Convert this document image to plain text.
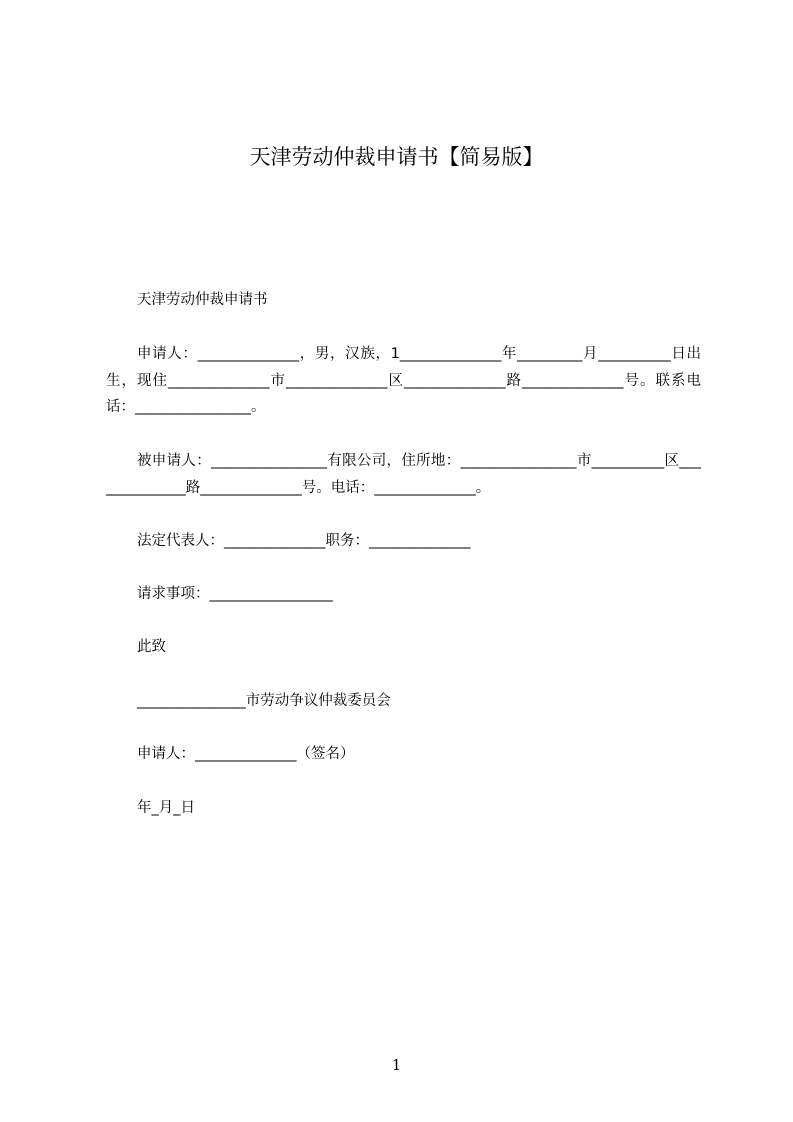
天津劳动仲裁申请书【简易版】
天津劳动仲裁申请书
申请人：______________，男，汉族，1______________年_________月__________日出生，现住______________市______________区______________路______________号。联系电话：________________。
被申请人：________________有限公司，住所地：________________市__________区______________路______________号。电话：______________。
法定代表人：______________职务：______________
请求事项：_________________
此致
_______________市劳动争议仲裁委员会
申请人：______________（签名）
年_月_日
1
